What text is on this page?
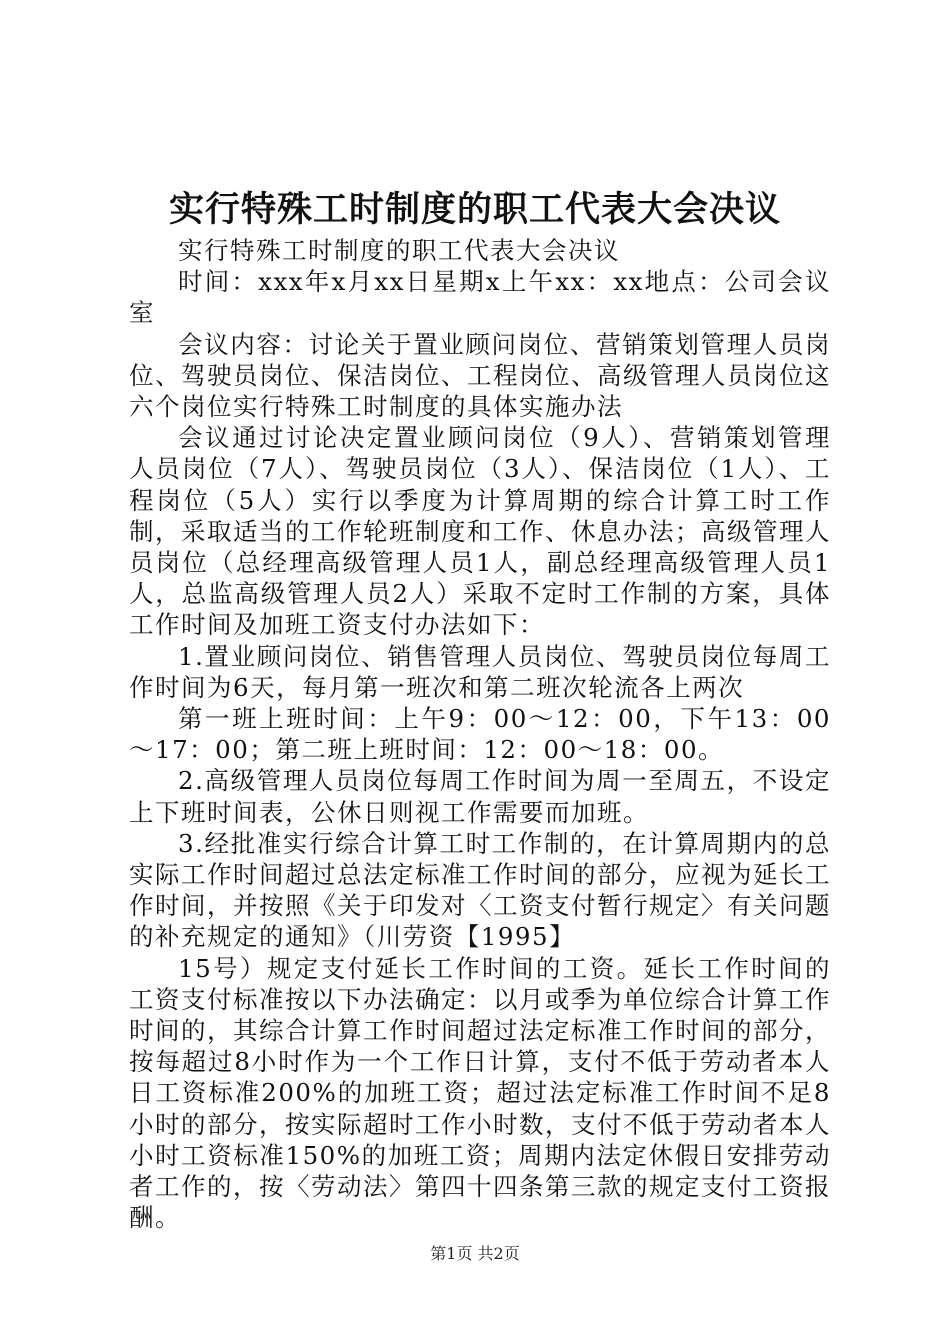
实行特殊工时制度的职工代表大会决议

实行特殊工时制度的职工代表大会决议

时间：xxx年x月xx日星期x上午xx：xx地点：公司会议室

会议内容：讨论关于置业顾问岗位、营销策划管理人员岗位、驾驶员岗位、保洁岗位、工程岗位、高级管理人员岗位这六个岗位实行特殊工时制度的具体实施办法

会议通过讨论决定置业顾问岗位（9人）、营销策划管理人员岗位（7人）、驾驶员岗位（3人）、保洁岗位（1人）、工程岗位（5人）实行以季度为计算周期的综合计算工时工作制，采取适当的工作轮班制度和工作、休息办法；高级管理人员岗位（总经理高级管理人员1人，副总经理高级管理人员1人，总监高级管理人员2人）采取不定时工作制的方案，具体工作时间及加班工资支付办法如下：

1.置业顾问岗位、销售管理人员岗位、驾驶员岗位每周工作时间为6天，每月第一班次和第二班次轮流各上两次

第一班上班时间：上午9：00～12：00，下午13：00～17：00；第二班上班时间：12：00～18：00。

2.高级管理人员岗位每周工作时间为周一至周五，不设定上下班时间表，公休日则视工作需要而加班。

3.经批准实行综合计算工时工作制的，在计算周期内的总实际工作时间超过总法定标准工作时间的部分，应视为延长工作时间，并按照《关于印发对〈工资支付暂行规定〉有关问题的补充规定的通知》（川劳资【1995】

15号）规定支付延长工作时间的工资。延长工作时间的工资支付标准按以下办法确定：以月或季为单位综合计算工作时间的，其综合计算工作时间超过法定标准工作时间的部分，按每超过8小时作为一个工作日计算，支付不低于劳动者本人日工资标准200%的加班工资；超过法定标准工作时间不足8小时的部分，按实际超时工作小时数，支付不低于劳动者本人小时工资标准150%的加班工资；周期内法定休假日安排劳动者工作的，按〈劳动法〉第四十四条第三款的规定支付工资报酬。

第1页 共2页
